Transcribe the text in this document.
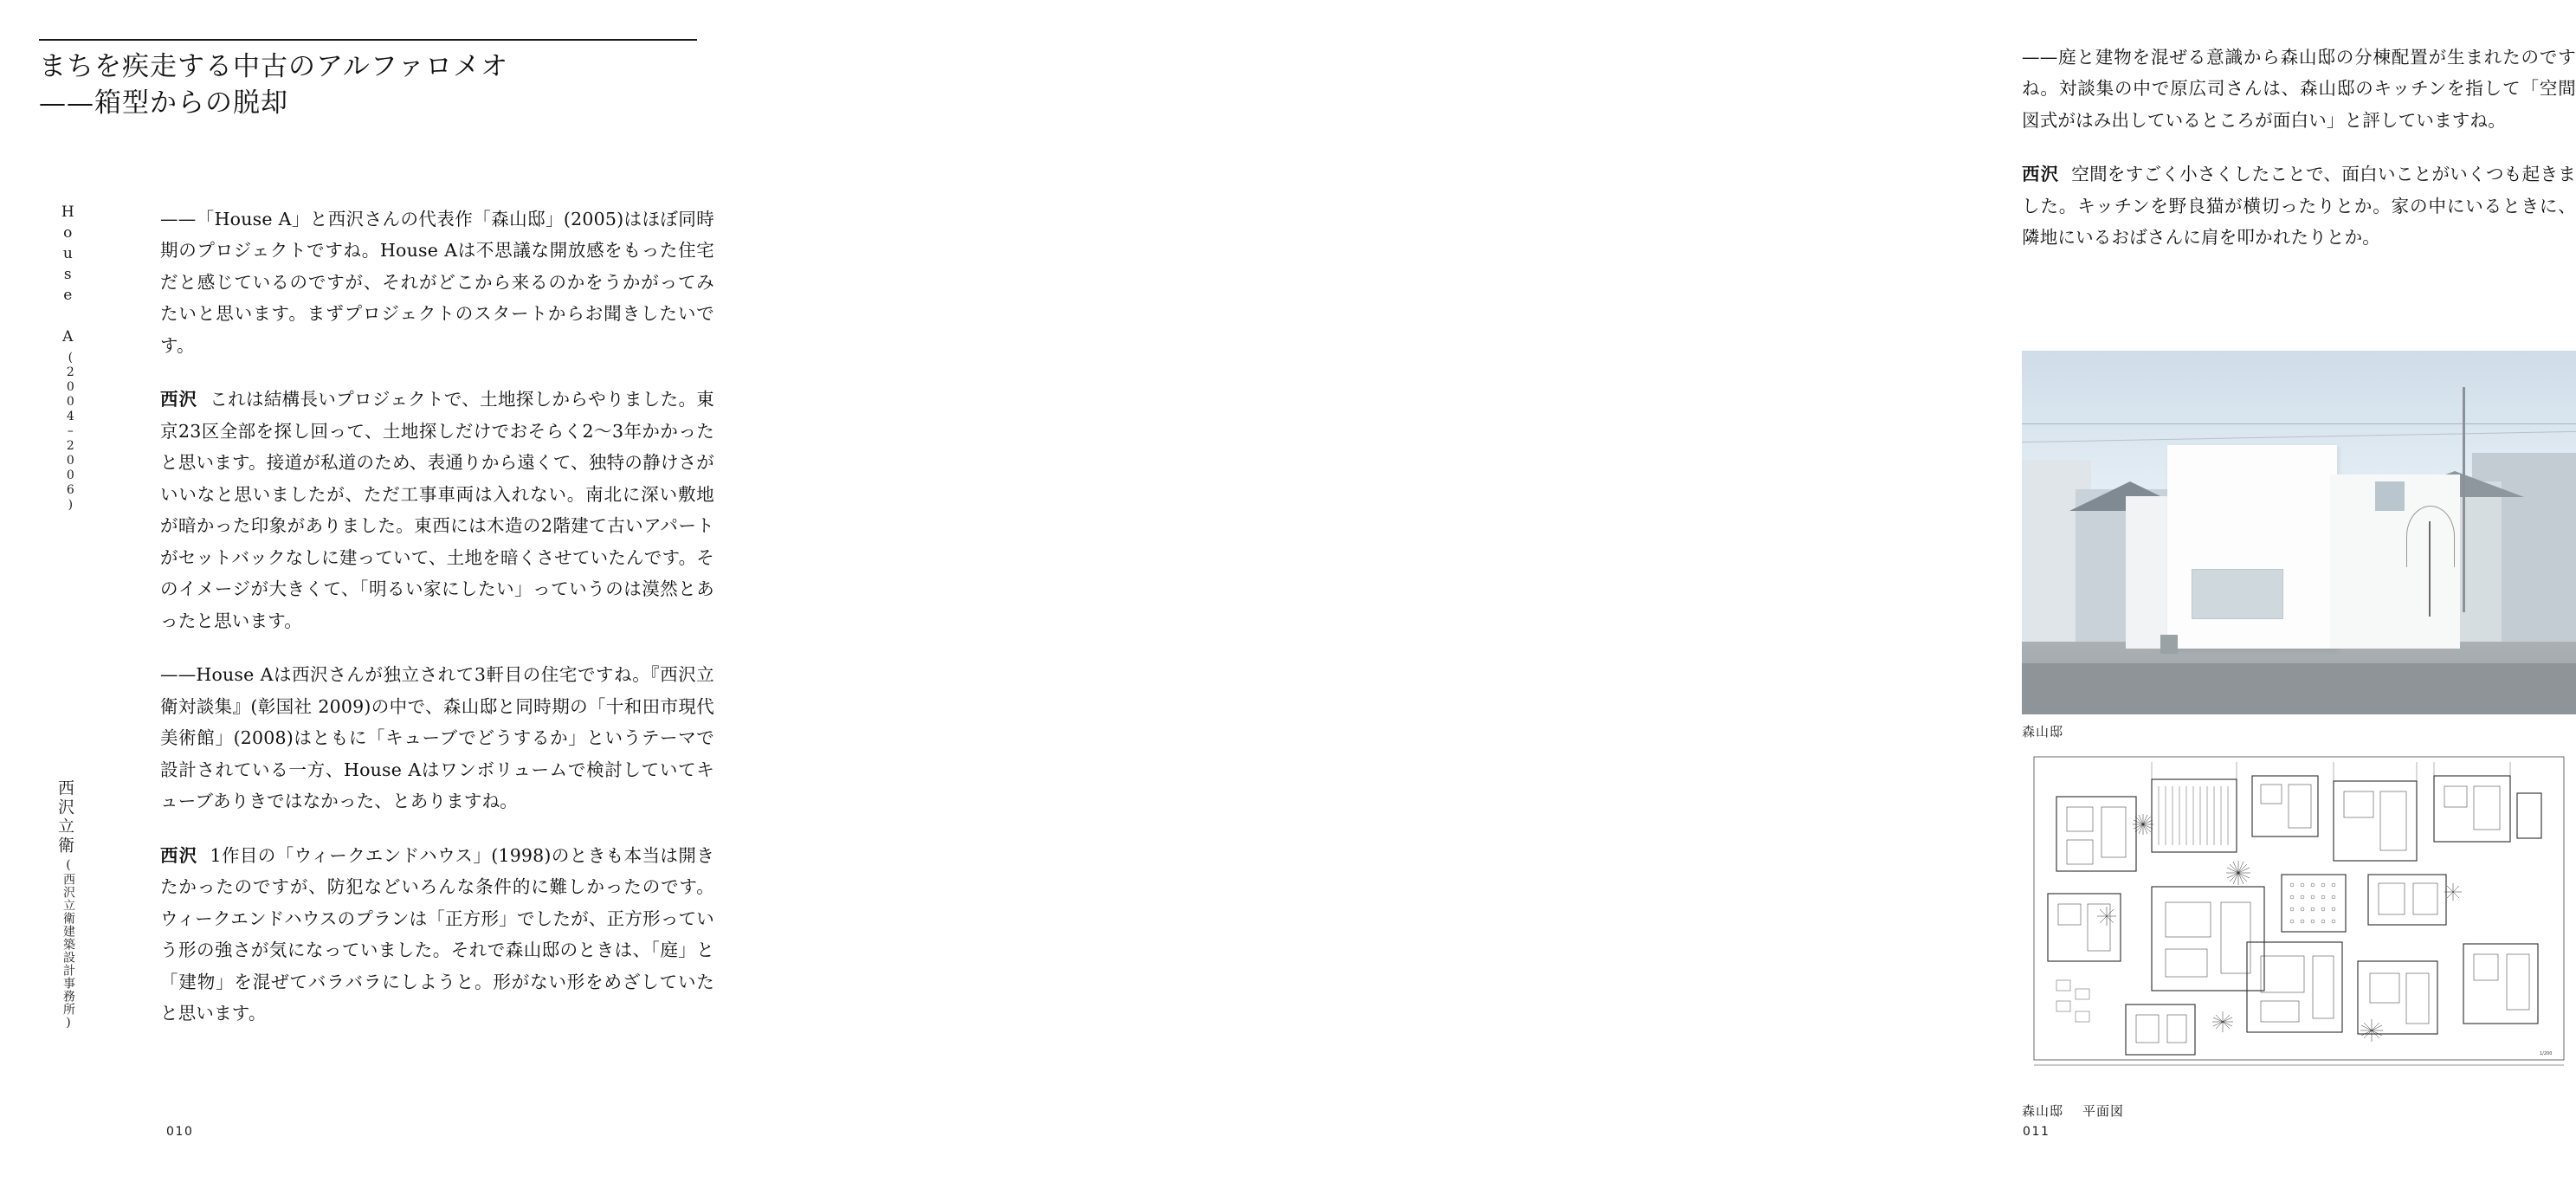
まちを疾走する中古のアルファロメオ
——箱型からの脱却
House A
(2004–2006)
西沢立衛
(西沢立衛建築設計事務所)

——「House A」と西沢さんの代表作「森山邸」(2005)はほぼ同時期のプロジェクトですね。House Aは不思議な開放感をもった住宅だと感じているのですが、それがどこから来るのかをうかがってみたいと思います。まずプロジェクトのスタートからお聞きしたいです。

西沢 これは結構長いプロジェクトで、土地探しからやりました。東京23区全部を探し回って、土地探しだけでおそらく2〜3年かかったと思います。接道が私道のため、表通りから遠くて、独特の静けさがいいなと思いましたが、ただ工事車両は入れない。南北に深い敷地が暗かった印象がありました。東西には木造の2階建て古いアパートがセットバックなしに建っていて、土地を暗くさせていたんです。そのイメージが大きくて、「明るい家にしたい」っていうのは漠然とあったと思います。

——House Aは西沢さんが独立されて3軒目の住宅ですね。『西沢立衛対談集』(彰国社 2009)の中で、森山邸と同時期の「十和田市現代美術館」(2008)はともに「キューブでどうするか」というテーマで設計されている一方、House Aはワンボリュームで検討していてキューブありきではなかった、とありますね。

西沢 1作目の「ウィークエンドハウス」(1998)のときも本当は開きたかったのですが、防犯などいろんな条件的に難しかったのです。ウィークエンドハウスのプランは「正方形」でしたが、正方形っていう形の強さが気になっていました。それで森山邸のときは、「庭」と「建物」を混ぜてバラバラにしようと。形がない形をめざしていたと思います。

010

——庭と建物を混ぜる意識から森山邸の分棟配置が生まれたのですね。対談集の中で原広司さんは、森山邸のキッチンを指して「空間図式がはみ出しているところが面白い」と評していますね。

西沢 空間をすごく小さくしたことで、面白いことがいくつも起きました。キッチンを野良猫が横切ったりとか。家の中にいるときに、隣地にいるおばさんに肩を叩かれたりとか。

森山邸
1/200
森山邸 平面図
011
